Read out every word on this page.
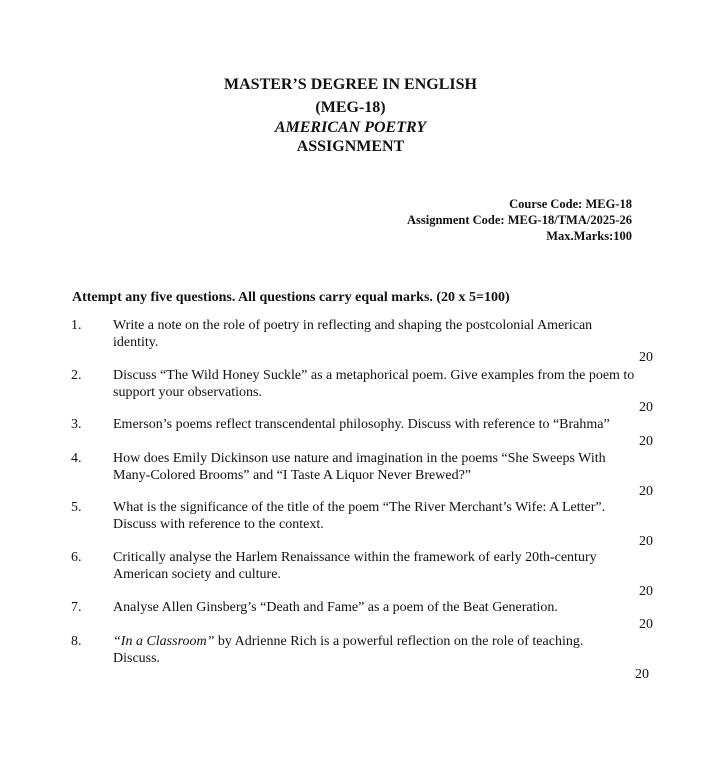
MASTER’S DEGREE IN ENGLISH
(MEG-18)
AMERICAN POETRY
ASSIGNMENT
Course Code: MEG-18
Assignment Code: MEG-18/TMA/2025-26
Max.Marks:100
Attempt any five questions. All questions carry equal marks. (20 x 5=100)
1. Write a note on the role of poetry in reflecting and shaping the postcolonial American
identity.
20
2. Discuss “The Wild Honey Suckle” as a metaphorical poem. Give examples from the poem to
support your observations.
20
3. Emerson’s poems reflect transcendental philosophy. Discuss with reference to “Brahma”
20
4. How does Emily Dickinson use nature and imagination in the poems “She Sweeps With
Many-Colored Brooms” and “I Taste A Liquor Never Brewed?”
20
5. What is the significance of the title of the poem “The River Merchant’s Wife: A Letter”.
Discuss with reference to the context.
20
6. Critically analyse the Harlem Renaissance within the framework of early 20th-century
American society and culture.
20
7. Analyse Allen Ginsberg’s “Death and Fame” as a poem of the Beat Generation.
20
8. “In a Classroom” by Adrienne Rich is a powerful reflection on the role of teaching.
Discuss.
20
